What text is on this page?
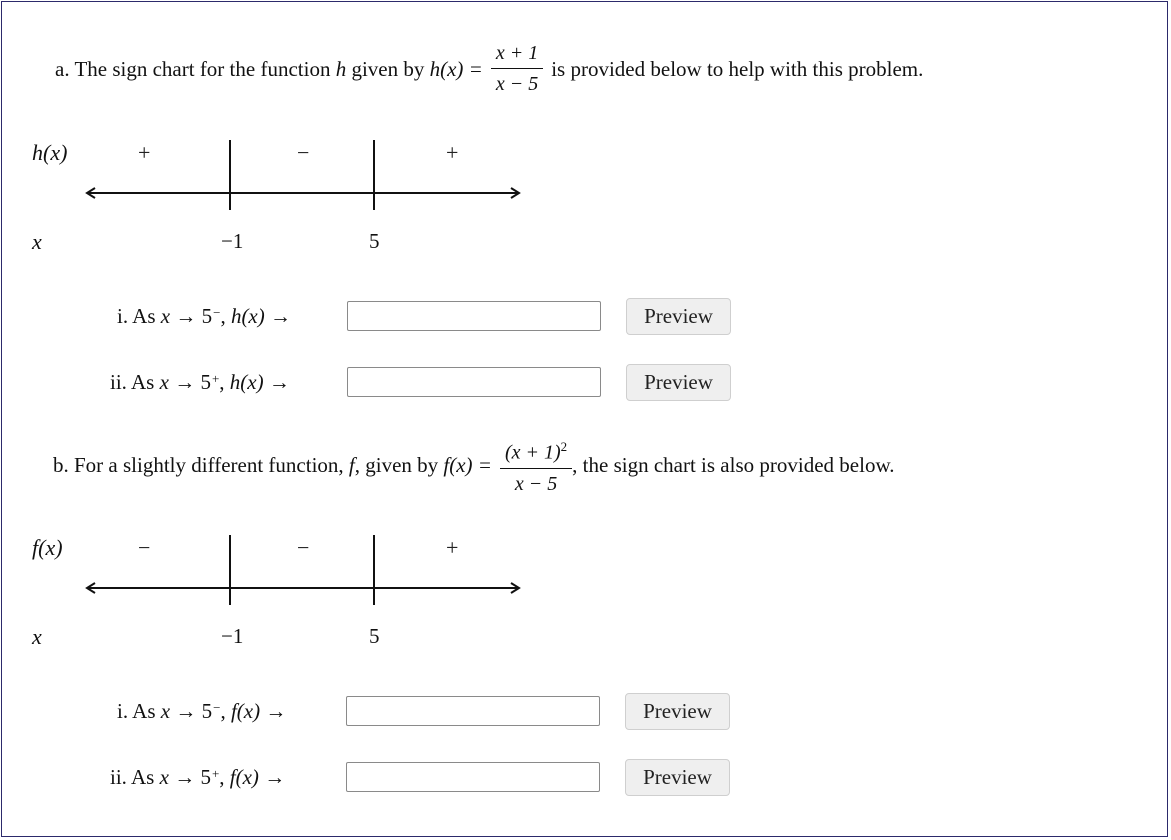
a. The sign chart for the function
h
given by
$h(x) = \frac{x + 1}{x - 5}$ is provided below to help with this problem.
h(x)	+	−	+
x	−1	5
i. As
x
→ 5− , h(x)
→	Preview
ii. As
x
→ 5+ , h(x)
→	Preview
b. For a slightly different function,
f , given by
$f(x) = \frac{(x + 1)^2}{x - 5}$ , the sign chart is also provided below.
f(x)	−	−	+
x	−1	5
i. As
x
→ 5− , f(x)
→	Preview
ii. As
x
→ 5+ , f(x)
→	Preview
